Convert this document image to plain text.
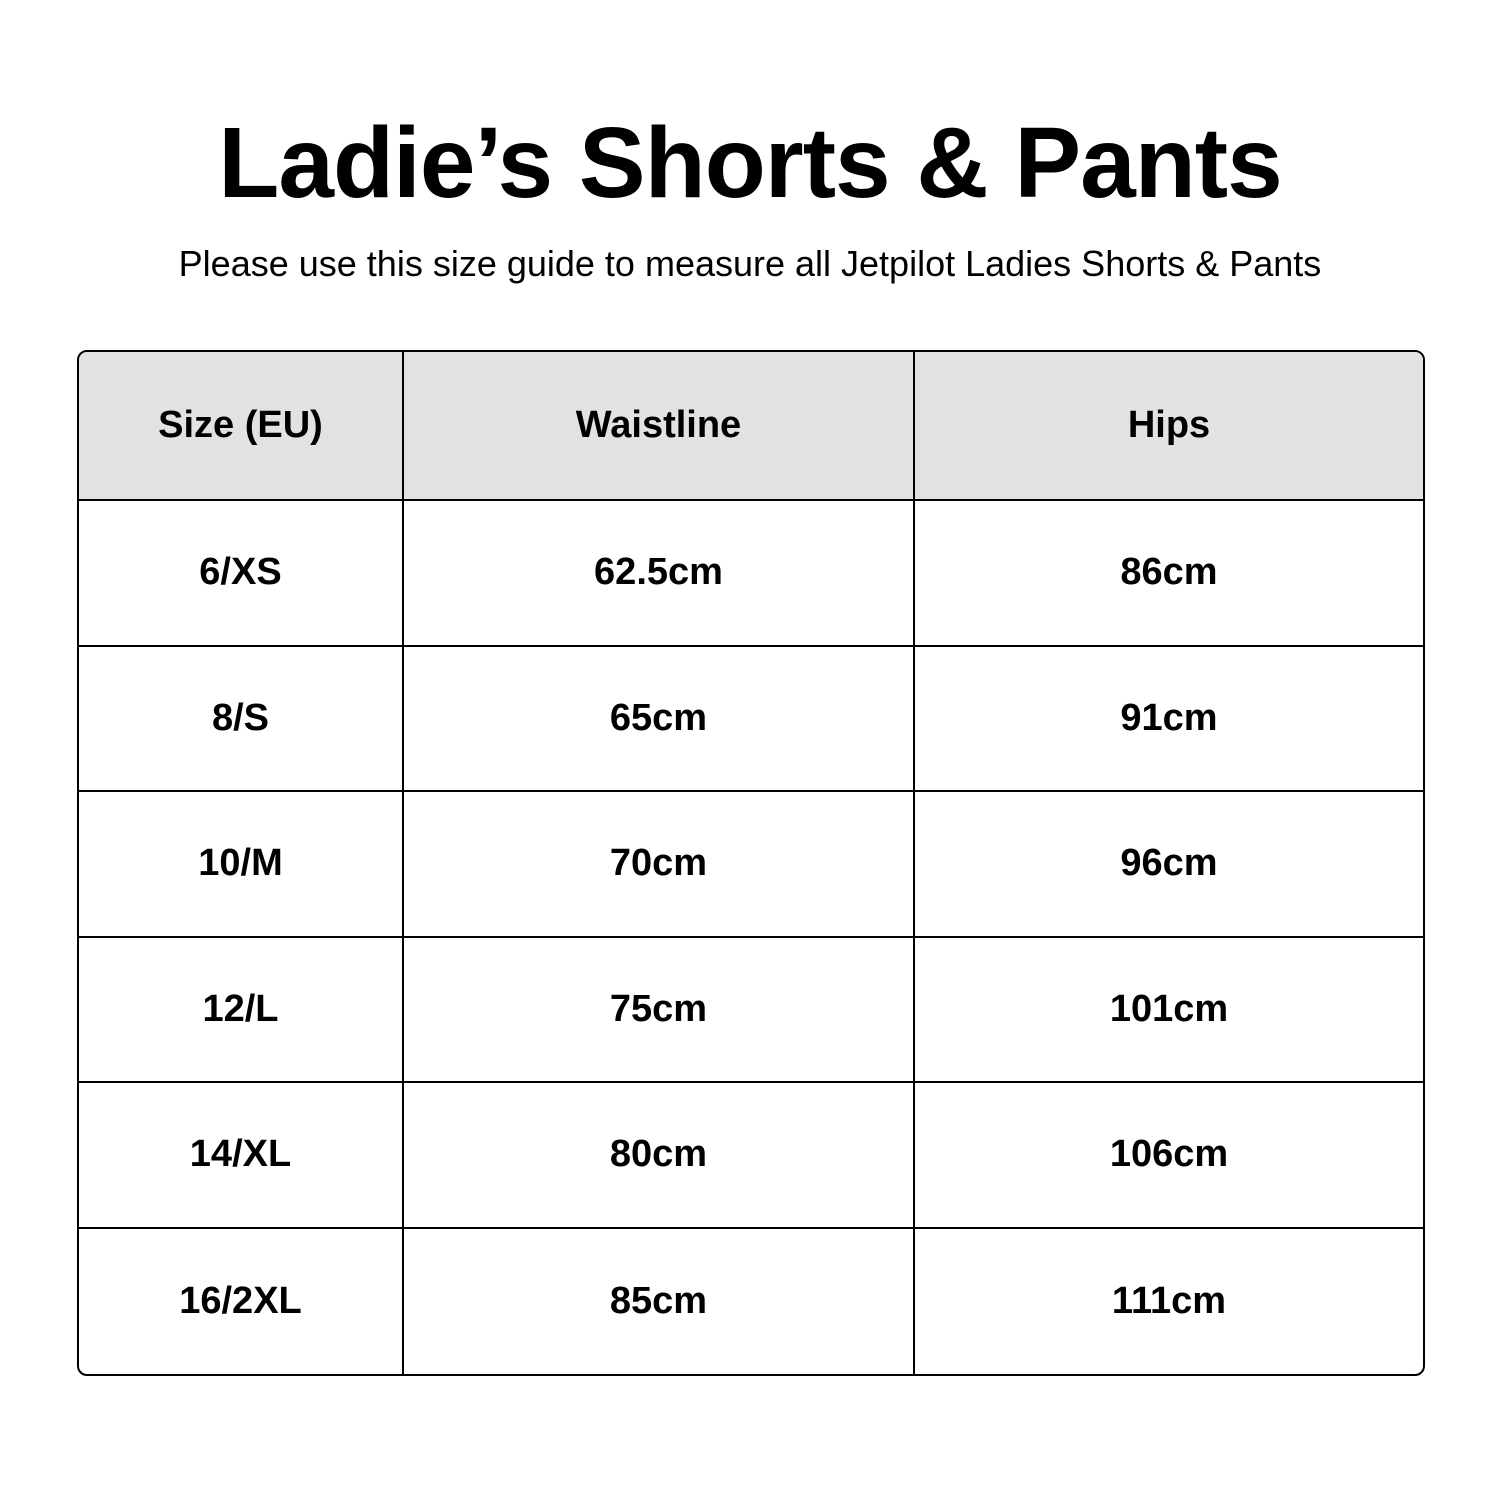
Ladie’s Shorts & Pants

Please use this size guide to measure all Jetpilot Ladies Shorts & Pants

Size (EU)	Waistline	Hips
6/XS	62.5cm	86cm
8/S	65cm	91cm
10/M	70cm	96cm
12/L	75cm	101cm
14/XL	80cm	106cm
16/2XL	85cm	111cm
